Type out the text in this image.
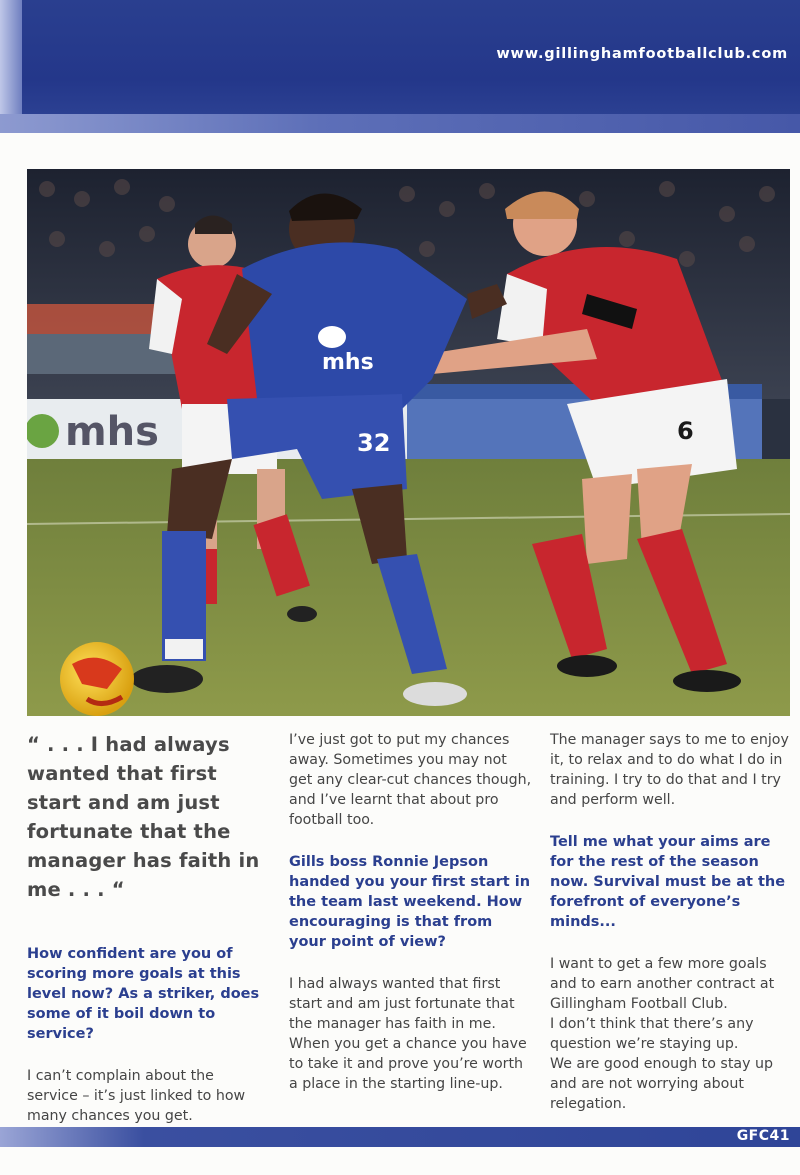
www.gillinghamfootballclub.com
mhs	6
mhs
32

“ . . . I had always wanted that first start and am just fortunate that the manager has faith in me . . . “

How confident are you of scoring more goals at this level now? As a striker, does some of it boil down to service?

I can’t complain about the service – it’s just linked to how many chances you get.

I’ve just got to put my chances away. Sometimes you may not get any clear-cut chances though, and I’ve learnt that about pro football too.

Gills boss Ronnie Jepson handed you your first start in the team last weekend. How encouraging is that from your point of view?

I had always wanted that first start and am just fortunate that the manager has faith in me. When you get a chance you have to take it and prove you’re worth a place in the starting line-up.

The manager says to me to enjoy it, to relax and to do what I do in training. I try to do that and I try and perform well.

Tell me what your aims are for the rest of the season now. Survival must be at the forefront of everyone’s minds...

I want to get a few more goals and to earn another contract at Gillingham Football Club.
I don’t think that there’s any question we’re staying up.
We are good enough to stay up and are not worrying about relegation.

GFC41
